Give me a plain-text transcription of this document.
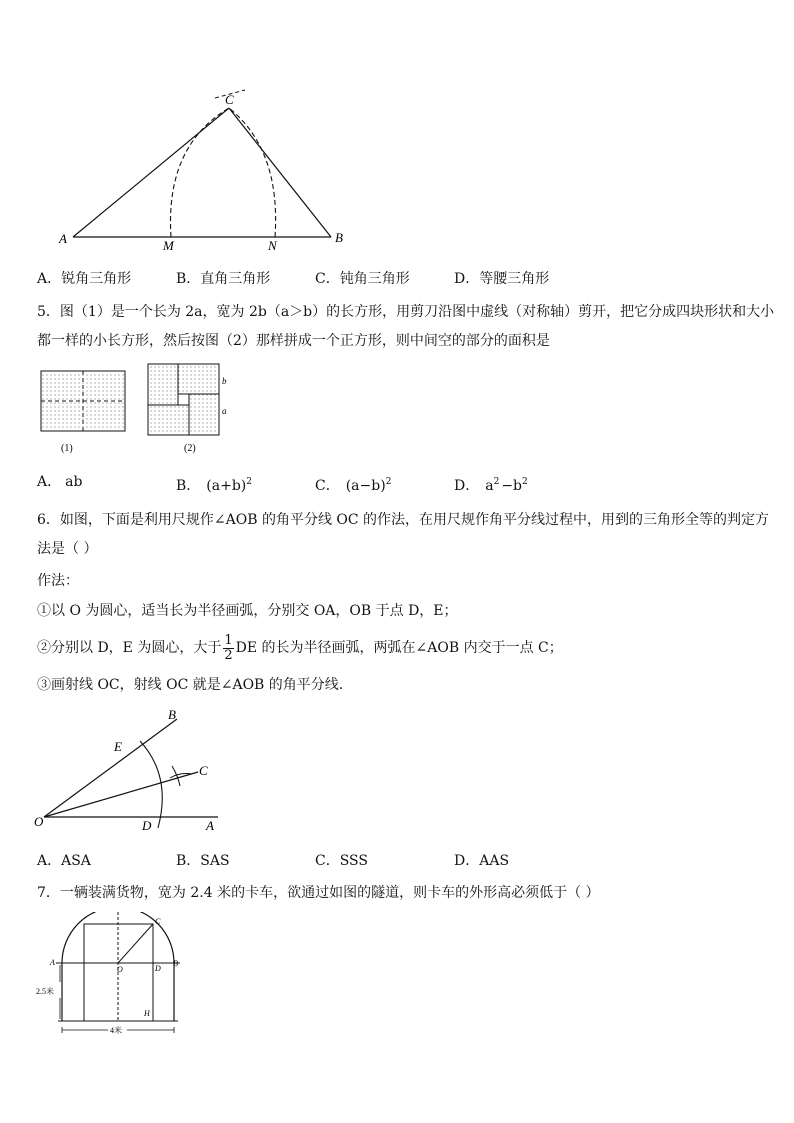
A	B
C
M	N
A．锐角三角形	B．直角三角形	C．钝角三角形	D．等腰三角形
5．图（1）是一个长为 2a，宽为 2b（a＞b）的长方形，用剪刀沿图中虚线（对称轴）剪开，把它分成四块形状和大小
都一样的小长方形，然后按图（2）那样拼成一个正方形，则中间空的部分的面积是
(1)
b
a
(2)
A． ab	B． $(a+b)^2$	C． $(a-b)^2$	D． $a^2 -b^2$
6．如图，下面是利用尺规作∠AOB 的角平分线 OC 的作法，在用尺规作角平分线过程中，用到的三角形全等的判定方
法是（ ）
作法：
①以 O 为圆心，适当长为半径画弧，分别交 OA，OB 于点 D，E；
②分别以 D，E 为圆心，大于 $\frac{1}{2}$ DE 的长为半径画弧，两弧在∠AOB 内交于一点 C；
③画射线 OC，射线 OC 就是∠AOB 的角平分线.
O	A
B
C
D
E
A．ASA	B．SAS	C．SSS	D．AAS
7．一辆装满货物，宽为 2.4 米的卡车，欲通过如图的隧道，则卡车的外形高必须低于（ ）
A	B
C
D
O
H
2.5米
4米
